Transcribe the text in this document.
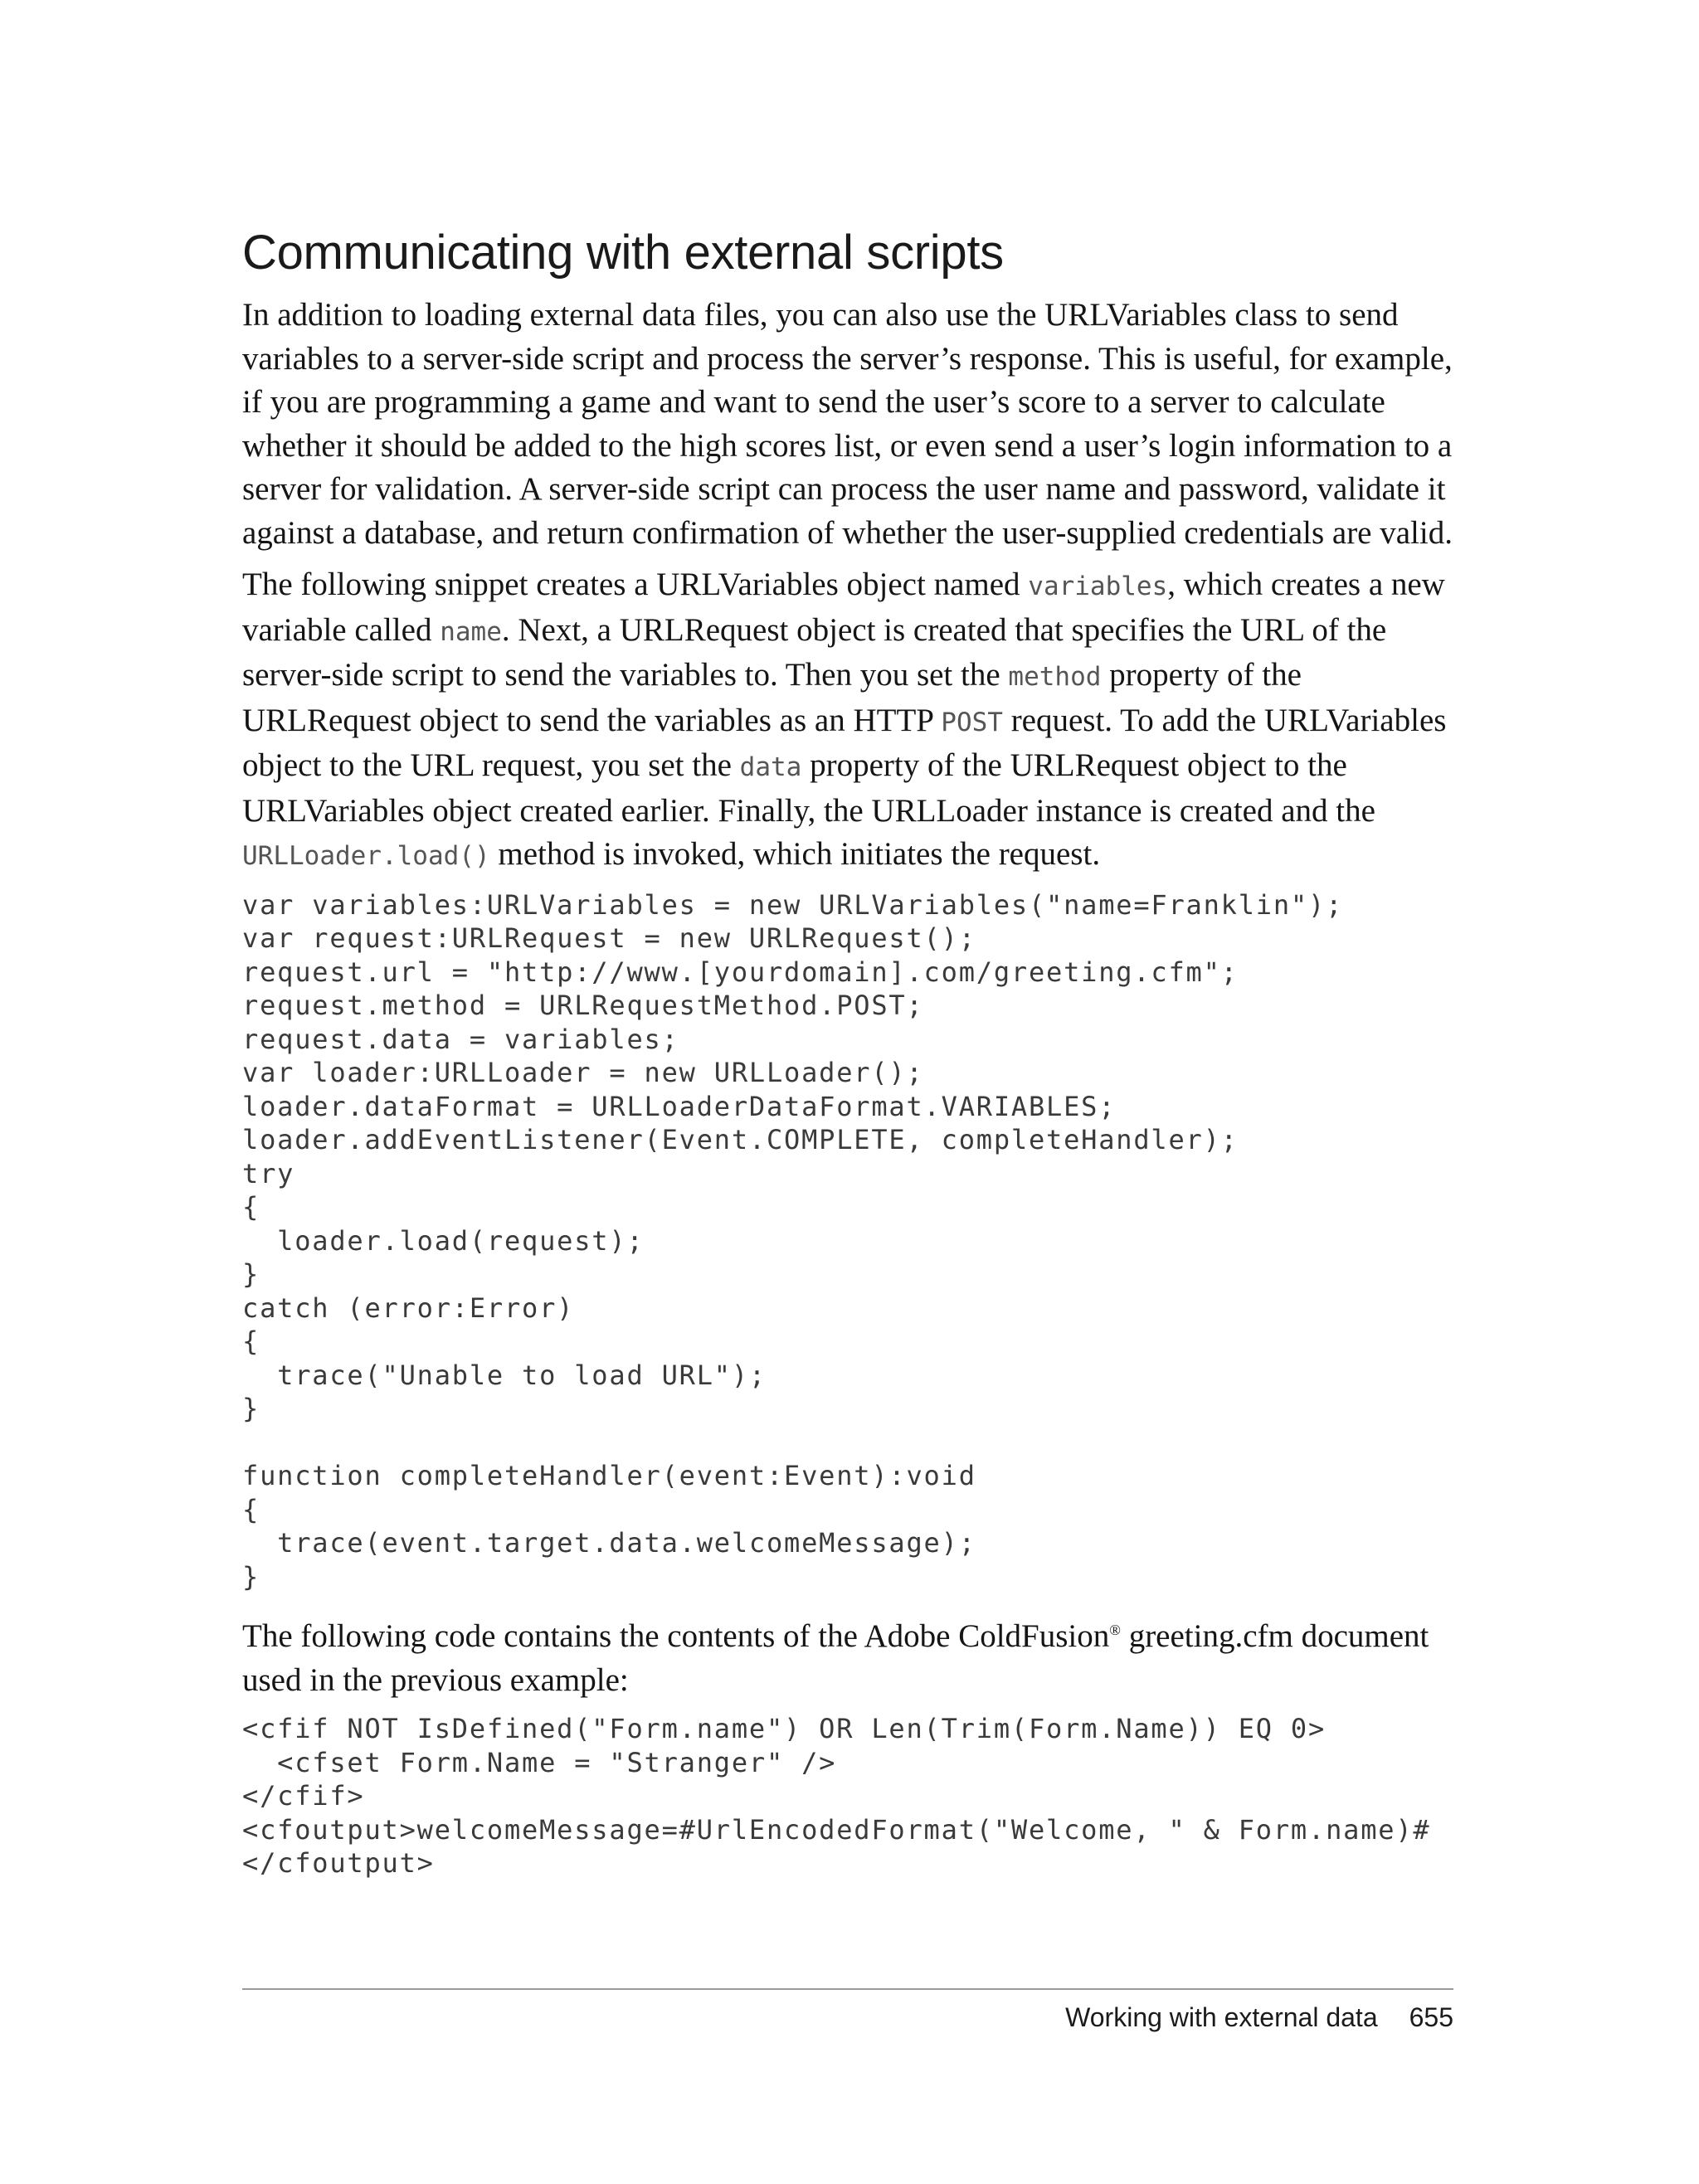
Communicating with external scripts

In addition to loading external data files, you can also use the URLVariables class to send variables to a server-side script and process the server’s response. This is useful, for example, if you are programming a game and want to send the user’s score to a server to calculate whether it should be added to the high scores list, or even send a user’s login information to a server for validation. A server-side script can process the user name and password, validate it against a database, and return confirmation of whether the user-supplied credentials are valid.

The following snippet creates a URLVariables object named variables, which creates a new variable called name. Next, a URLRequest object is created that specifies the URL of the server-side script to send the variables to. Then you set the method property of the URLRequest object to send the variables as an HTTP POST request. To add the URLVariables object to the URL request, you set the data property of the URLRequest object to the URLVariables object created earlier. Finally, the URLLoader instance is created and the URLLoader.load() method is invoked, which initiates the request.

var variables:URLVariables = new URLVariables("name=Franklin");
var request:URLRequest = new URLRequest();
request.url = "http://www.[yourdomain].com/greeting.cfm";
request.method = URLRequestMethod.POST;
request.data = variables;
var loader:URLLoader = new URLLoader();
loader.dataFormat = URLLoaderDataFormat.VARIABLES;
loader.addEventListener(Event.COMPLETE, completeHandler);
try
{
loader.load(request);
}
catch (error:Error)
{
trace("Unable to load URL");
}
function completeHandler(event:Event):void
{
trace(event.target.data.welcomeMessage);
}

The following code contains the contents of the Adobe ColdFusion® greeting.cfm document used in the previous example:

<cfif NOT IsDefined("Form.name") OR Len(Trim(Form.Name)) EQ 0>
<cfset Form.Name = "Stranger" />
</cfif>
<cfoutput>welcomeMessage=#UrlEncodedFormat("Welcome, " & Form.name)#
</cfoutput>
Working with external data 655
